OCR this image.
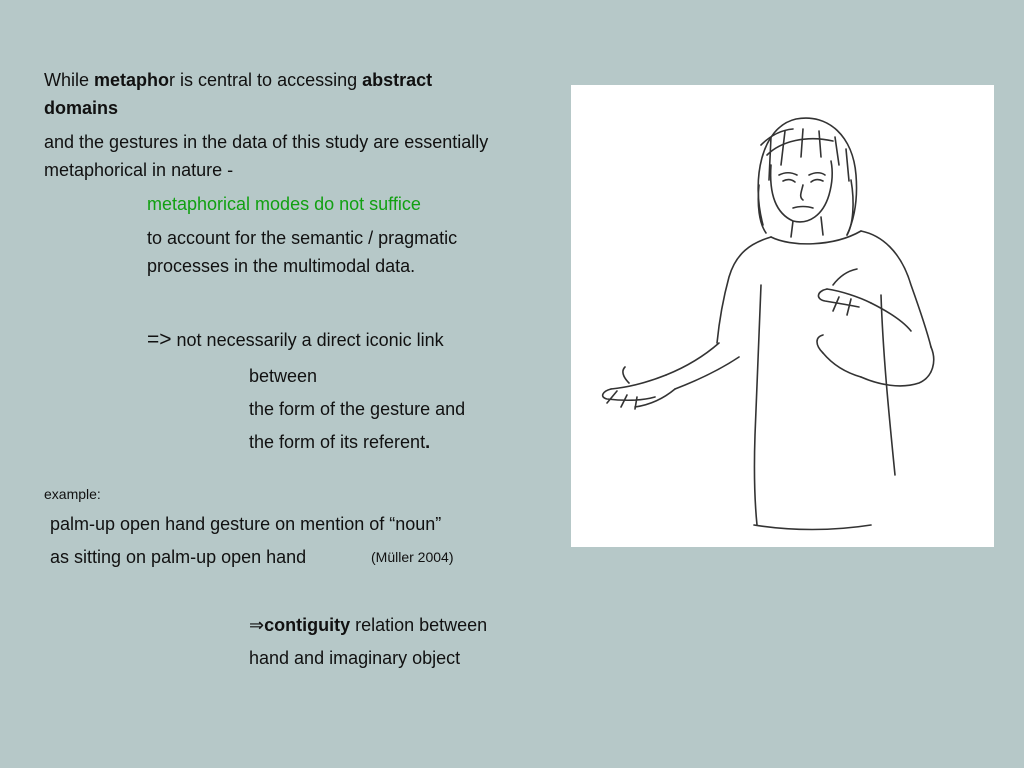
While metaphor is central to accessing abstract

domains

and the gestures in the data of this study are essentially

metaphorical in nature -

metaphorical modes do not suffice

to account for the semantic / pragmatic

processes in the multimodal data.

=> not necessarily a direct iconic link

between

the form of the gesture and

the form of its referent.

example:

palm-up open hand gesture on mention of “noun”

as sitting on palm-up open hand	(Müller 2004)

⇒contiguity relation between

hand and imaginary object
